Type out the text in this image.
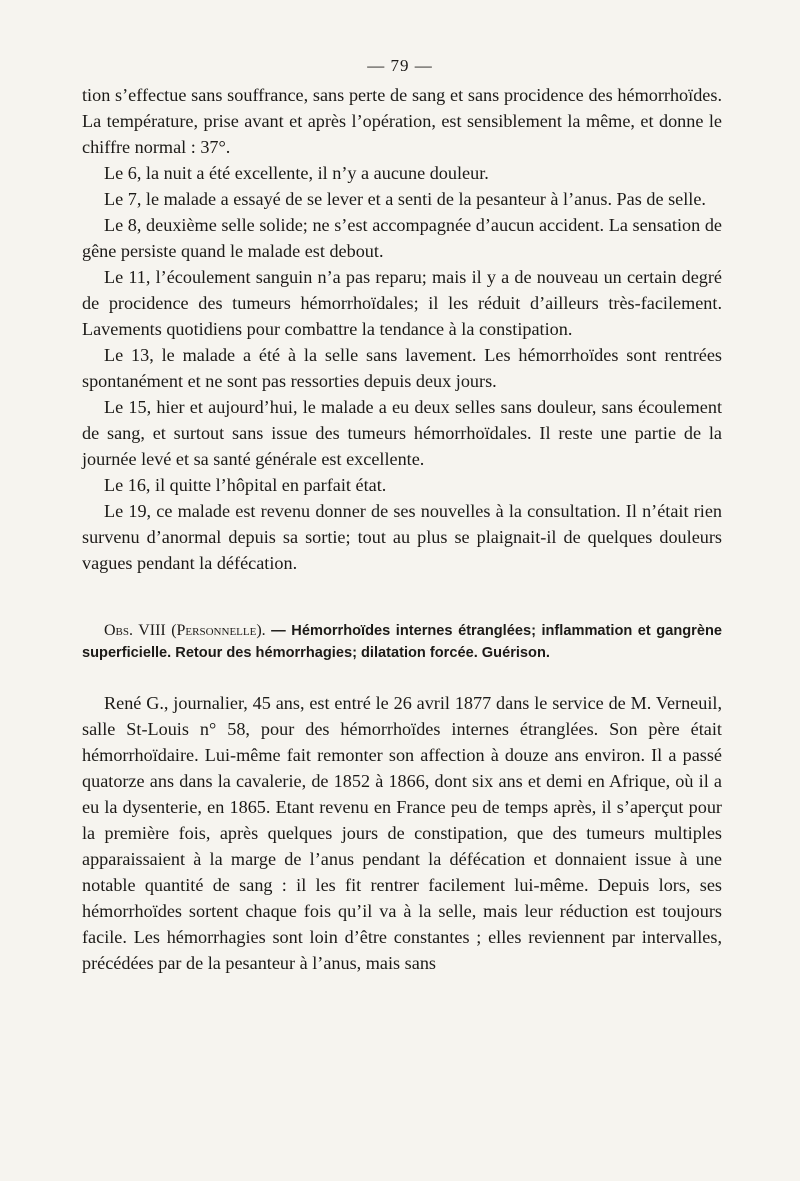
— 79 —

tion s’effectue sans souffrance, sans perte de sang et sans procidence des hémorrhoïdes. La température, prise avant et après l’opération, est sensiblement la même, et donne le chiffre normal : 37°.

Le 6, la nuit a été excellente, il n’y a aucune douleur.

Le 7, le malade a essayé de se lever et a senti de la pesanteur à l’anus. Pas de selle.

Le 8, deuxième selle solide; ne s’est accompagnée d’aucun accident. La sensation de gêne persiste quand le malade est debout.

Le 11, l’écoulement sanguin n’a pas reparu; mais il y a de nouveau un certain degré de procidence des tumeurs hémorrhoïdales; il les réduit d’ailleurs très-facilement. Lavements quotidiens pour combattre la tendance à la constipation.

Le 13, le malade a été à la selle sans lavement. Les hémorrhoïdes sont rentrées spontanément et ne sont pas ressorties depuis deux jours.

Le 15, hier et aujourd’hui, le malade a eu deux selles sans douleur, sans écoulement de sang, et surtout sans issue des tumeurs hémorrhoïdales. Il reste une partie de la journée levé et sa santé générale est excellente.

Le 16, il quitte l’hôpital en parfait état.

Le 19, ce malade est revenu donner de ses nouvelles à la consultation. Il n’était rien survenu d’anormal depuis sa sortie; tout au plus se plaignait-il de quelques douleurs vagues pendant la défécation.

Obs. VIII (Personnelle). — Hémorrhoïdes internes étranglées; inflammation et gangrène superficielle. Retour des hémorrhagies; dilatation forcée. Guérison.

René G., journalier, 45 ans, est entré le 26 avril 1877 dans le service de M. Verneuil, salle St-Louis n° 58, pour des hémorrhoïdes internes étranglées. Son père était hémorrhoïdaire. Lui-même fait remonter son affection à douze ans environ. Il a passé quatorze ans dans la cavalerie, de 1852 à 1866, dont six ans et demi en Afrique, où il a eu la dysenterie, en 1865. Etant revenu en France peu de temps après, il s’aperçut pour la première fois, après quelques jours de constipation, que des tumeurs multiples apparaissaient à la marge de l’anus pendant la défécation et donnaient issue à une notable quantité de sang : il les fit rentrer facilement lui-même. Depuis lors, ses hémorrhoïdes sortent chaque fois qu’il va à la selle, mais leur réduction est toujours facile. Les hémorrhagies sont loin d’être constantes ; elles reviennent par intervalles, précédées par de la pesanteur à l’anus, mais sans
